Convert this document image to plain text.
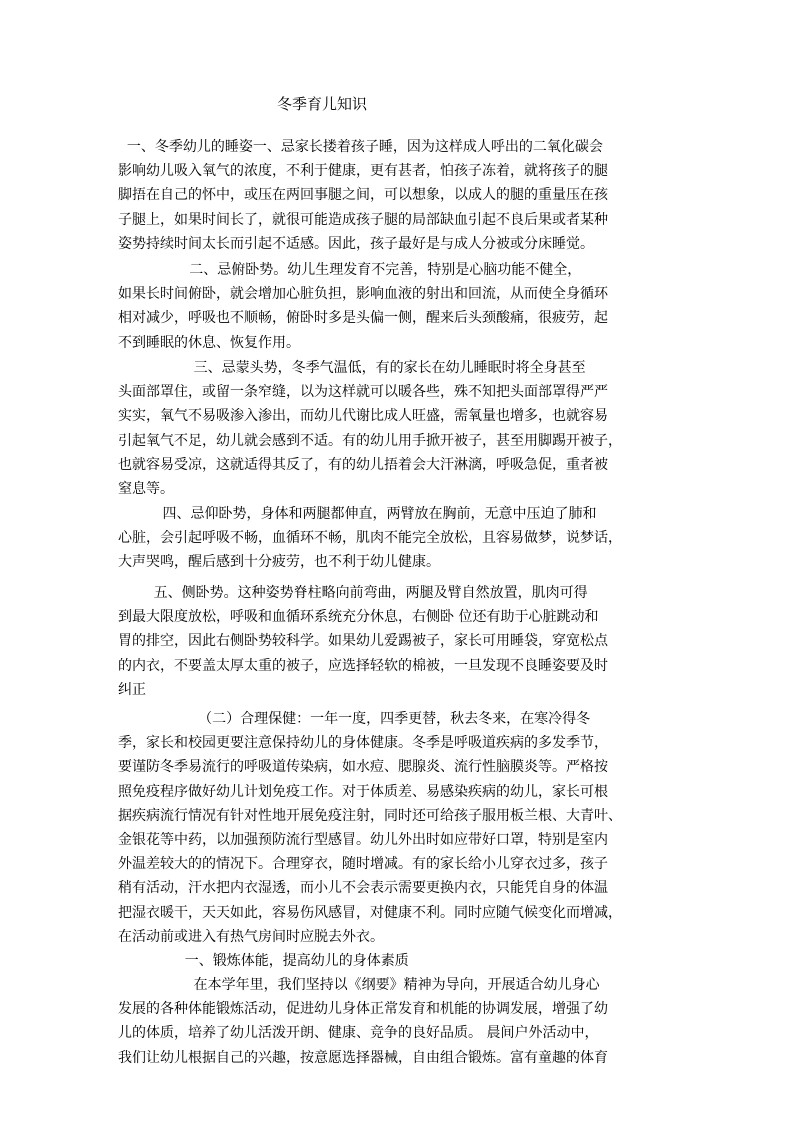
冬季育儿知识
一、冬季幼儿的睡姿一、忌家长搂着孩子睡，因为这样成人呼出的二氧化碳会
影响幼儿吸入氧气的浓度，不利于健康，更有甚者，怕孩子冻着，就将孩子的腿
脚捂在自己的怀中，或压在两回事腿之间，可以想象，以成人的腿的重量压在孩
子腿上，如果时间长了，就很可能造成孩子腿的局部缺血引起不良后果或者某种
姿势持续时间太长而引起不适感。因此，孩子最好是与成人分被或分床睡觉。
二、忌俯卧势。幼儿生理发育不完善，特别是心脑功能不健全，
如果长时间俯卧，就会增加心脏负担，影响血液的射出和回流，从而使全身循环
相对减少，呼吸也不顺畅，俯卧时多是头偏一侧，醒来后头颈酸痛，很疲劳，起
不到睡眠的休息、恢复作用。
三、忌蒙头势，冬季气温低，有的家长在幼儿睡眠时将全身甚至
头面部罩住，或留一条窄缝，以为这样就可以暖各些，殊不知把头面部罩得严严
实实，氧气不易吸渗入渗出，而幼儿代谢比成人旺盛，需氧量也增多，也就容易
引起氧气不足，幼儿就会感到不适。有的幼儿用手掀开被子，甚至用脚踢开被子，
也就容易受凉，这就适得其反了，有的幼儿捂着会大汗淋漓，呼吸急促，重者被
窒息等。
四、忌仰卧势，身体和两腿都伸直，两臂放在胸前，无意中压迫了肺和
心脏，会引起呼吸不畅，血循环不畅，肌肉不能完全放松，且容易做梦，说梦话，
大声哭鸣，醒后感到十分疲劳，也不利于幼儿健康。
五、侧卧势。这种姿势脊柱略向前弯曲，两腿及臂自然放置，肌肉可得
到最大限度放松，呼吸和血循环系统充分休息，右侧卧 位还有助于心脏跳动和
胃的排空，因此右侧卧势较科学。如果幼儿爱踢被子，家长可用睡袋，穿宽松点
的内衣，不要盖太厚太重的被子，应选择轻软的棉被，一旦发现不良睡姿要及时
纠正
（二）合理保健：一年一度，四季更替，秋去冬来，在寒冷得冬
季，家长和校园更要注意保持幼儿的身体健康。冬季是呼吸道疾病的多发季节，
要谨防冬季易流行的呼吸道传染病，如水痘、腮腺炎、流行性脑膜炎等。严格按
照免疫程序做好幼儿计划免疫工作。对于体质差、易感染疾病的幼儿，家长可根
据疾病流行情况有针对性地开展免疫注射，同时还可给孩子服用板兰根、大青叶、
金银花等中药，以加强预防流行型感冒。幼儿外出时如应带好口罩，特别是室内
外温差较大的的情况下。合理穿衣，随时增减。有的家长给小儿穿衣过多，孩子
稍有活动，汗水把内衣湿透，而小儿不会表示需要更换内衣，只能凭自身的体温
把湿衣暖干，天天如此，容易伤风感冒，对健康不利。同时应随气候变化而增减，
在活动前或进入有热气房间时应脱去外衣。
一、锻炼体能，提高幼儿的身体素质
在本学年里，我们坚持以《纲要》精神为导向，开展适合幼儿身心
发展的各种体能锻炼活动，促进幼儿身体正常发育和机能的协调发展，增强了幼
儿的体质，培养了幼儿活泼开朗、健康、竞争的良好品质。 晨间户外活动中，
我们让幼儿根据自己的兴趣，按意愿选择器械，自由组合锻炼。富有童趣的体育
